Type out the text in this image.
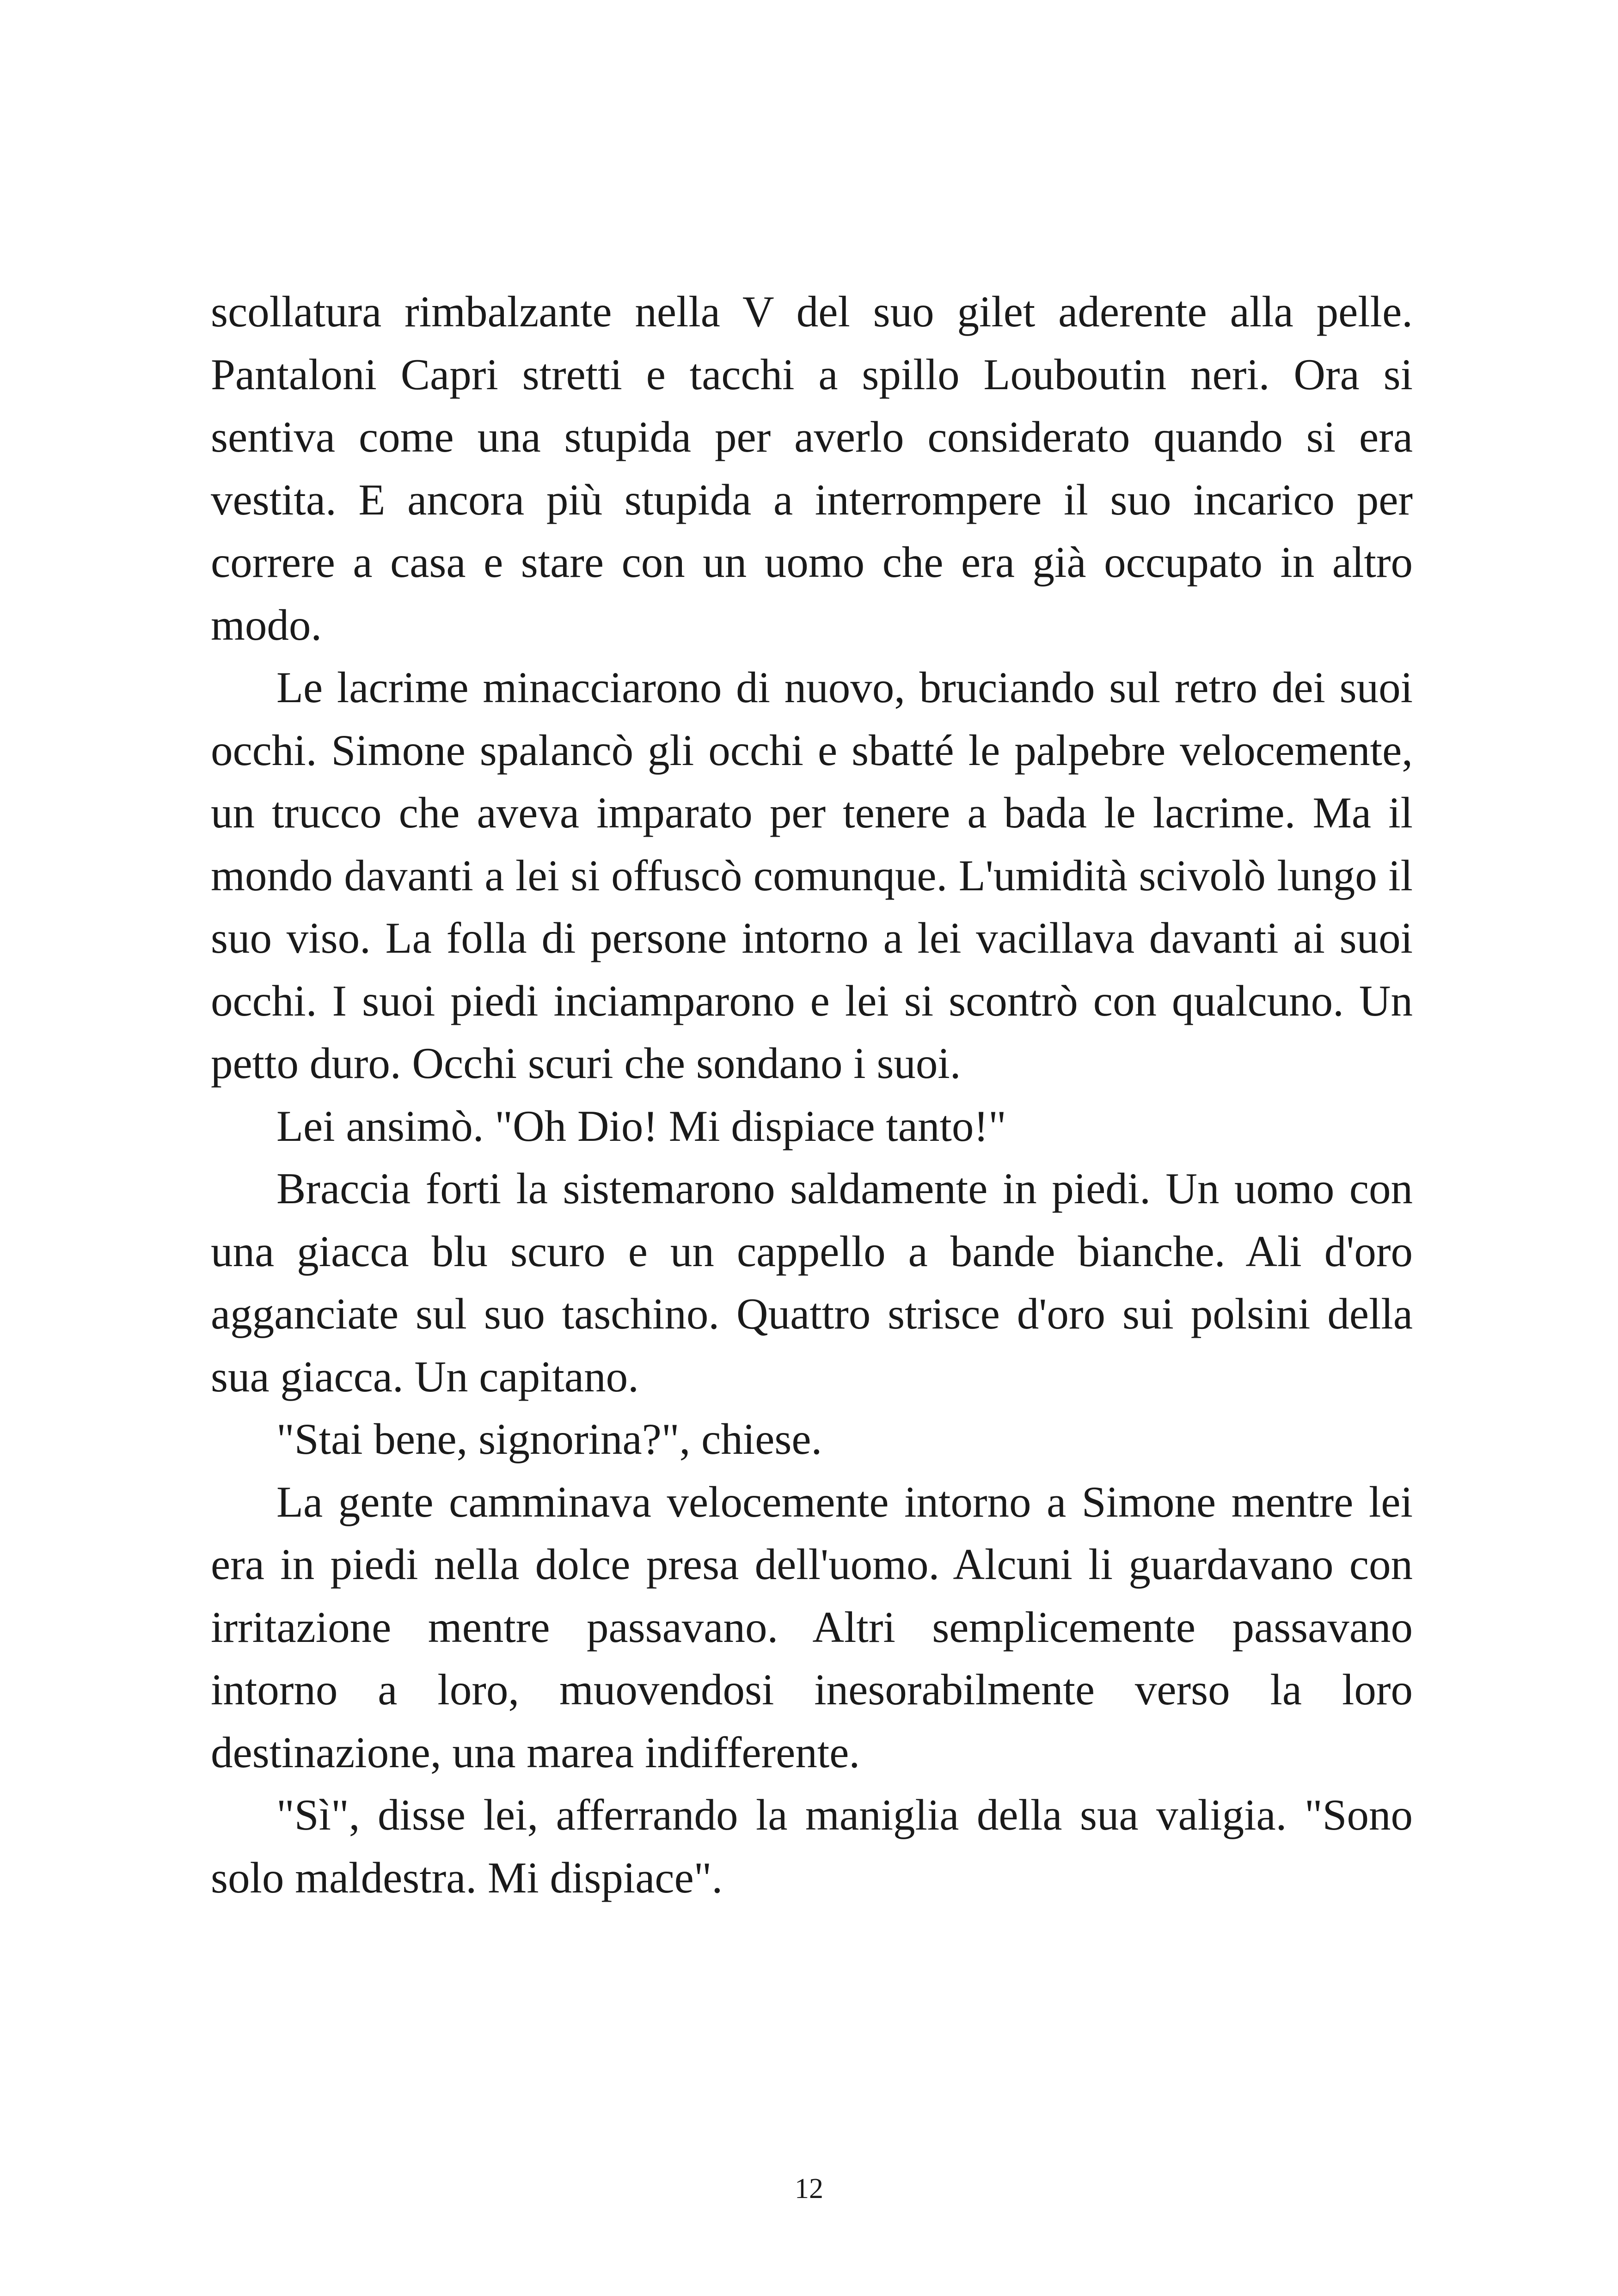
scollatura rimbalzante nella V del suo gilet aderente alla pelle. Pantaloni Capri stretti e tacchi a spillo Louboutin neri. Ora si sentiva come una stupida per averlo considerato quando si era vestita. E ancora più stupida a interrompere il suo incarico per correre a casa e stare con un uomo che era già occupato in altro modo.

Le lacrime minacciarono di nuovo, bruciando sul retro dei suoi occhi. Simone spalancò gli occhi e sbatté le palpebre velocemente, un trucco che aveva imparato per tenere a bada le lacrime. Ma il mondo davanti a lei si offuscò comunque. L'umidità scivolò lungo il suo viso. La folla di persone intorno a lei vacillava davanti ai suoi occhi. I suoi piedi inciamparono e lei si scontrò con qualcuno. Un petto duro. Occhi scuri che sondano i suoi.

Lei ansimò. "Oh Dio! Mi dispiace tanto!"

Braccia forti la sistemarono saldamente in piedi. Un uomo con una giacca blu scuro e un cappello a bande bianche. Ali d'oro agganciate sul suo taschino. Quattro strisce d'oro sui polsini della sua giacca. Un capitano.

"Stai bene, signorina?", chiese.

La gente camminava velocemente intorno a Simone mentre lei era in piedi nella dolce presa dell'uomo. Alcuni li guardavano con irritazione mentre passavano. Altri semplicemente passavano intorno a loro, muovendosi inesorabilmente verso la loro destinazione, una marea indifferente.

"Sì", disse lei, afferrando la maniglia della sua valigia. "Sono solo maldestra. Mi dispiace".

12
